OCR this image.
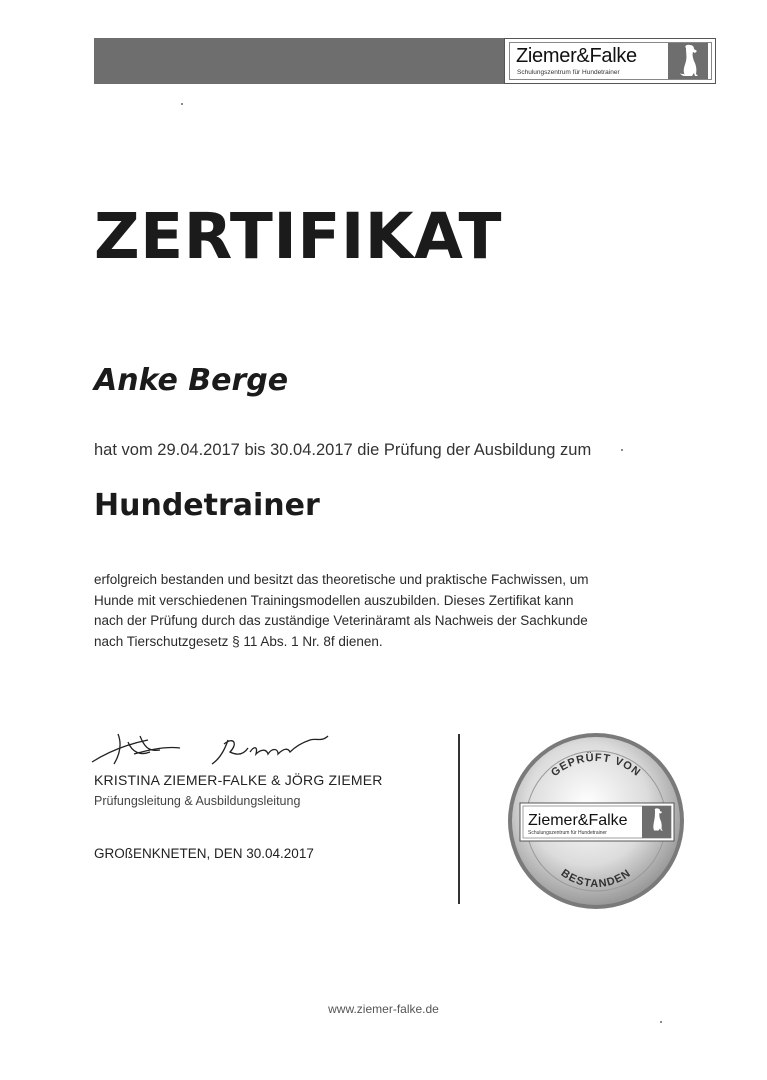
Ziemer&Falke
Schulungszentrum für Hundetrainer
ZERTIFIKAT
Anke Berge

hat vom 29.04.2017 bis 30.04.2017 die Prüfung der Ausbildung zum

Hundetrainer
erfolgreich bestanden und besitzt das theoretische und praktische Fachwissen, um
Hunde mit verschiedenen Trainingsmodellen auszubilden. Dieses Zertifikat kann
nach der Prüfung durch das zuständige Veterinäramt als Nachweis der Sachkunde
nach Tierschutzgesetz § 11 Abs. 1 Nr. 8f dienen.

KRISTINA ZIEMER-FALKE & JÖRG ZIEMER

Prüfungsleitung & Ausbildungsleitung

GROßENKNETEN, DEN 30.04.2017

GEPRÜFT VON
BESTANDEN
Ziemer&Falke
Schulungszentrum für Hundetrainer

www.ziemer-falke.de
